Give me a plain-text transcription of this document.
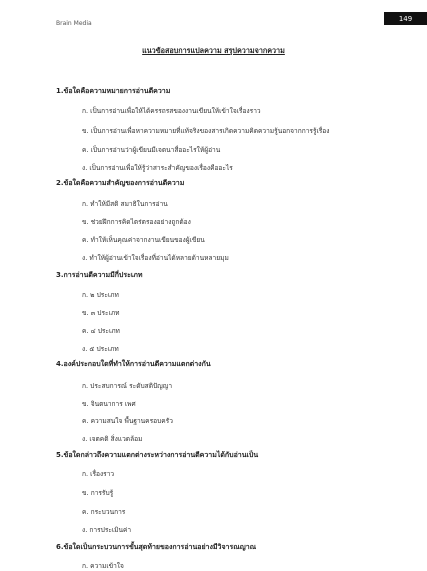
Brain Media
149
แนวข้อสอบการแปลความ สรุปความจากความ
1.ข้อใดคือความหมายการอ่านตีความ
ก. เป็นการอ่านเพื่อให้ได้ครรถรสของงานเขียนให้เข้าใจเรื่องราว
ข. เป็นการอ่านเพื่อหาความหมายที่แท้จริงของสารเกิดความคิดความรู้นอกจากการรู้เรื่อง
ค. เป็นการอ่านว่าผู้เขียนมีเจตนาสื่ออะไรให้ผู้อ่าน
ง. เป็นการอ่านเพื่อให้รู้ว่าสาระสำคัญของเรื่องคืออะไร
2.ข้อใดคือความสำคัญของการอ่านตีความ
ก. ทำให้มีสติ สมาธิในการอ่าน
ข. ช่วยฝึกการคิดไตร่ตรองอย่างถูกต้อง
ค. ทำให้เห็นคุณค่าจากงานเขียนของผู้เขียน
ง. ทำให้ผู้อ่านเข้าใจเรื่องที่อ่านได้หลายด้านหลายมุม
3.การอ่านตีความมีกี่ประเภท
ก. ๒ ประเภท
ข. ๓ ประเภท
ค. ๔ ประเภท
ง. ๕ ประเภท
4.องค์ประกอบใดที่ทำให้การอ่านตีความแตกต่างกัน
ก. ประสบการณ์ ระดับสติปัญญา
ข. จินตนาการ เพศ
ค. ความสนใจ พื้นฐานครอบครัว
ง. เจตคติ สิ่งแวดล้อม
5.ข้อใดกล่าวถึงความแตกต่างระหว่างการอ่านตีความได้กับอ่านเป็น
ก. เรื่องราว
ข. การรับรู้
ค. กระบวนการ
ง. การประเมินค่า
6.ข้อใดเป็นกระบวนการขั้นสุดท้ายของการอ่านอย่างมีวิจารณญาณ
ก. ความเข้าใจ
